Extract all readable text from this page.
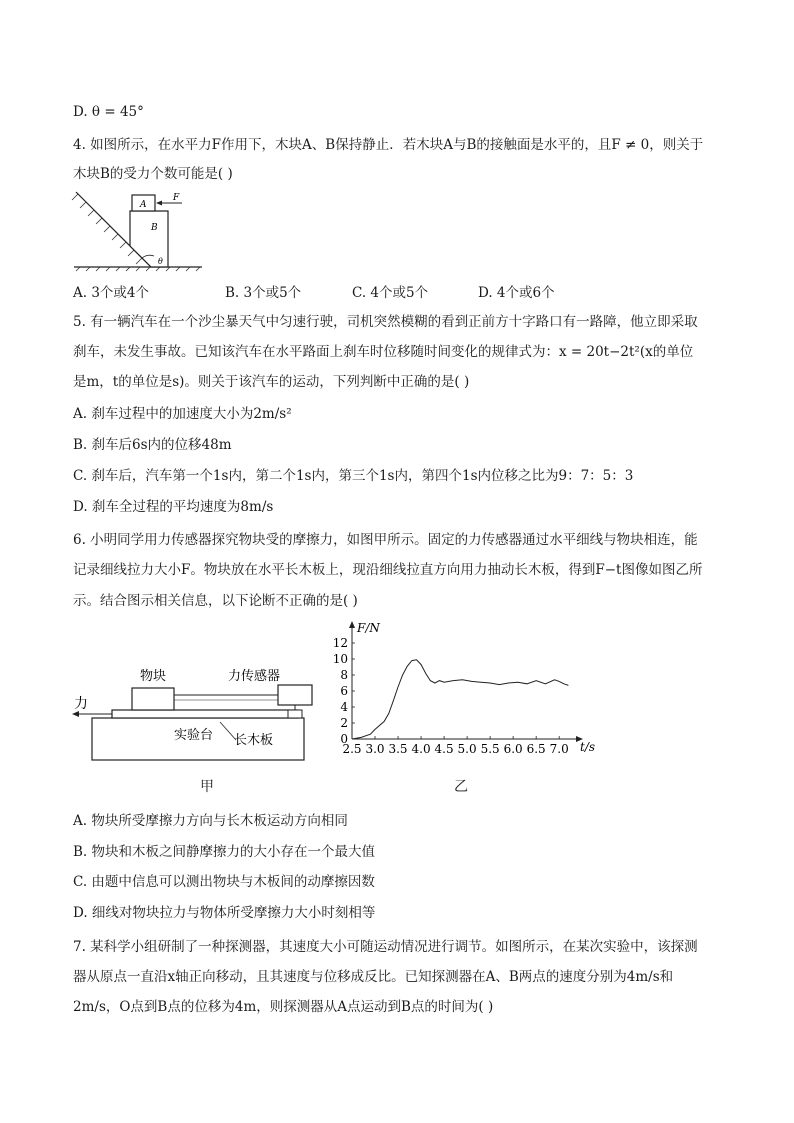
D. θ = 45°
4. 如图所示，在水平力F作用下，木块A、B保持静止．若木块A与B的接触面是水平的，且F ≠ 0，则关于
木块B的受力个数可能是( )
A
B
F
θ
A. 3个或4个	B. 3个或5个	C. 4个或5个	D. 4个或6个
5. 有一辆汽车在一个沙尘暴天气中匀速行驶，司机突然模糊的看到正前方十字路口有一路障，他立即采取
刹车，未发生事故。已知该汽车在水平路面上刹车时位移随时间变化的规律式为：x = 20t−2t²(x的单位
是m，t的单位是s)。则关于该汽车的运动，下列判断中正确的是( )
A. 刹车过程中的加速度大小为2m/s²
B. 刹车后6s内的位移48m
C. 刹车后，汽车第一个1s内，第二个1s内，第三个1s内，第四个1s内位移之比为9：7：5：3
D. 刹车全过程的平均速度为8m/s
6. 小明同学用力传感器探究物块受的摩擦力，如图甲所示。固定的力传感器通过水平细线与物块相连，能
记录细线拉力大小F。物块放在水平长木板上，现沿细线拉直方向用力抽动长木板，得到F−t图像如图乙所
示。结合图示相关信息，以下论断不正确的是( )
力
物块	力传感器
实验台 长木板
甲
0
2
4
6
8
10
12
2.5 3.0 3.5 4.0 4.5 5.0 5.5 6.0 6.5 7.0
F/N
t/s
乙
A. 物块所受摩擦力方向与长木板运动方向相同
B. 物块和木板之间静摩擦力的大小存在一个最大值
C. 由题中信息可以测出物块与木板间的动摩擦因数
D. 细线对物块拉力与物体所受摩擦力大小时刻相等
7. 某科学小组研制了一种探测器，其速度大小可随运动情况进行调节。如图所示，在某次实验中，该探测
器从原点一直沿x轴正向移动，且其速度与位移成反比。已知探测器在A、B两点的速度分别为4m/s和
2m/s，O点到B点的位移为4m，则探测器从A点运动到B点的时间为( )
